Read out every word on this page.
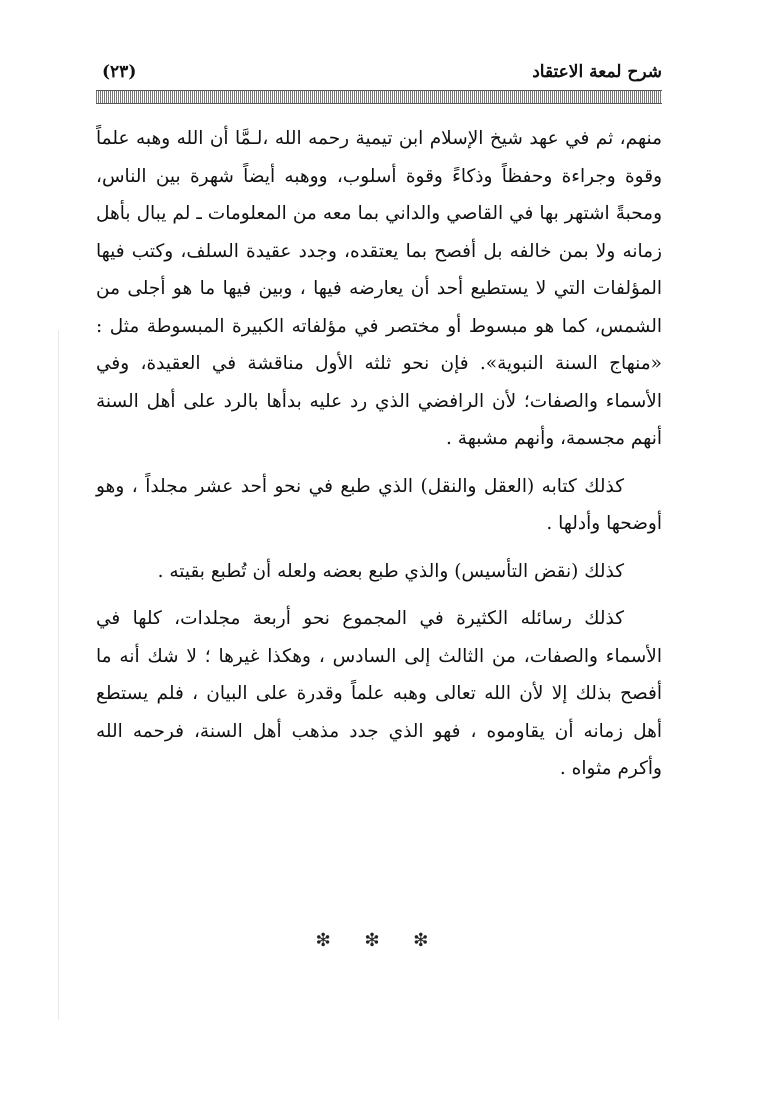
شرح لمعة الاعتقاد
(٢٣)

منهم، ثم في عهد شيخ الإسلام ابن تيمية رحمه الله ،لـمَّا أن الله وهبه علماً وقوة وجراءة وحفظاً وذكاءً وقوة أسلوب، ووهبه أيضاً شهرة بين الناس، ومحبةً اشتهر بها في القاصي والداني بما معه من المعلومات ـ لم يبال بأهل زمانه ولا بمن خالفه بل أفصح بما يعتقده، وجدد عقيدة السلف، وكتب فيها المؤلفات التي لا يستطيع أحد أن يعارضه فيها ، وبين فيها ما هو أجلى من الشمس، كما هو مبسوط أو مختصر في مؤلفاته الكبيرة المبسوطة مثل : «منهاج السنة النبوية». فإن نحو ثلثه الأول مناقشة في العقيدة، وفي الأسماء والصفات؛ لأن الرافضي الذي رد عليه بدأها بالرد على أهل السنة أنهم مجسمة، وأنهم مشبهة .

كذلك كتابه (العقل والنقل) الذي طبع في نحو أحد عشر مجلداً ، وهو أوضحها وأدلها .

كذلك (نقض التأسيس) والذي طبع بعضه ولعله أن تُطبع بقيته .

كذلك رسائله الكثيرة في المجموع نحو أربعة مجلدات، كلها في الأسماء والصفات، من الثالث إلى السادس ، وهكذا غيرها ؛ لا شك أنه ما أفصح بذلك إلا لأن الله تعالى وهبه علماً وقدرة على البيان ، فلم يستطع أهل زمانه أن يقاوموه ، فهو الذي جدد مذهب أهل السنة، فرحمه الله وأكرم مثواه .

❇ ❇ ❇
